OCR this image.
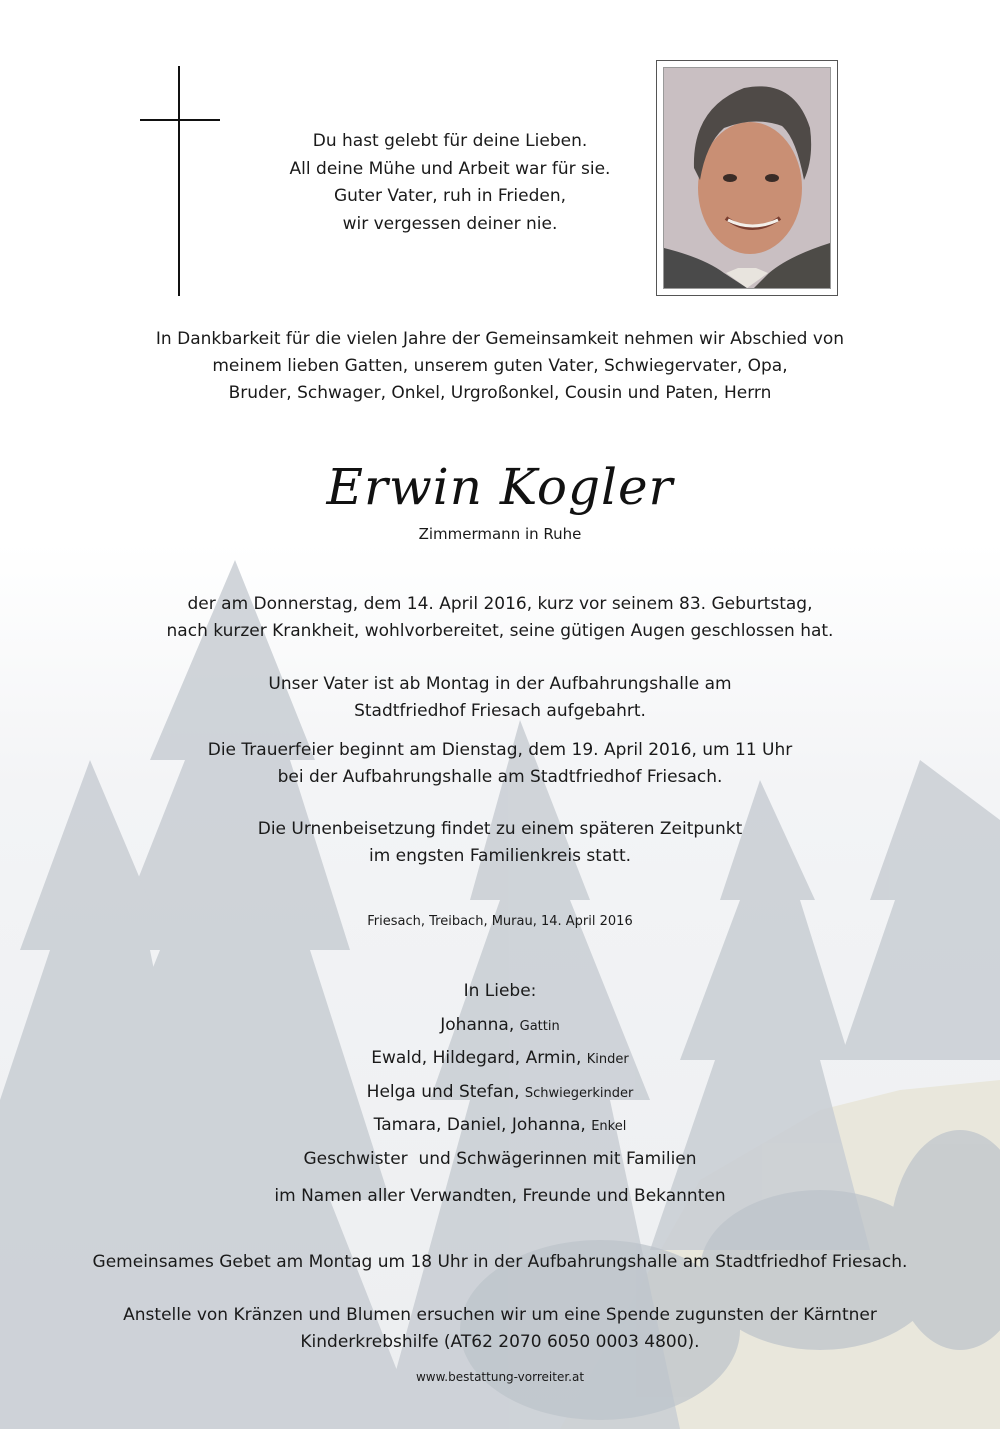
Du hast gelebt für deine Lieben.
All deine Mühe und Arbeit war für sie.
Guter Vater, ruh in Frieden,
wir vergessen deiner nie.
In Dankbarkeit für die vielen Jahre der Gemeinsamkeit nehmen wir Abschied von
meinem lieben Gatten, unserem guten Vater, Schwiegervater, Opa,
Bruder, Schwager, Onkel, Urgroßonkel, Cousin und Paten, Herrn
Erwin Kogler
Zimmermann in Ruhe
der am Donnerstag, dem 14. April 2016, kurz vor seinem 83. Geburtstag,
nach kurzer Krankheit, wohlvorbereitet, seine gütigen Augen geschlossen hat.
Unser Vater ist ab Montag in der Aufbahrungshalle am
Stadtfriedhof Friesach aufgebahrt.
Die Trauerfeier beginnt am Dienstag, dem 19. April 2016, um 11 Uhr
bei der Aufbahrungshalle am Stadtfriedhof Friesach.
Die Urnenbeisetzung findet zu einem späteren Zeitpunkt
im engsten Familienkreis statt.
Friesach, Treibach, Murau, 14. April 2016
In Liebe:
Johanna, Gattin
Ewald, Hildegard, Armin, Kinder
Helga und Stefan, Schwiegerkinder
Tamara, Daniel, Johanna, Enkel
Geschwister  und Schwägerinnen mit Familien
im Namen aller Verwandten, Freunde und Bekannten
Gemeinsames Gebet am Montag um 18 Uhr in der Aufbahrungshalle am Stadtfriedhof Friesach.
Anstelle von Kränzen und Blumen ersuchen wir um eine Spende zugunsten der Kärntner
Kinderkrebshilfe (AT62 2070 6050 0003 4800).
www.bestattung-vorreiter.at
